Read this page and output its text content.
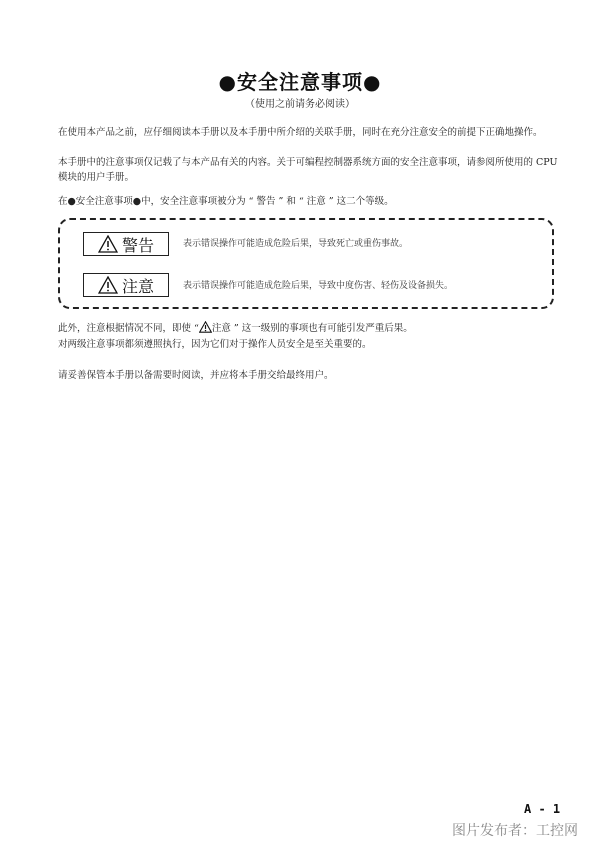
●安全注意事项●
（使用之前请务必阅读）

在使用本产品之前，应仔细阅读本手册以及本手册中所介绍的关联手册，同时在充分注意安全的前提下正确地操作。

本手册中的注意事项仅记载了与本产品有关的内容。关于可编程控制器系统方面的安全注意事项，请参阅所使用的 CPU 模块的用户手册。

在●安全注意事项●中，安全注意事项被分为 “ 警告 ” 和 “ 注意 ” 这二个等级。

警告	表示错误操作可能造成危险后果，导致死亡或重伤事故。
注意	表示错误操作可能造成危险后果，导致中度伤害、轻伤及设备损失。

此外，注意根据情况不同，即使 “ 注意 ” 这一级别的事项也有可能引发严重后果。

对两级注意事项都须遵照执行，因为它们对于操作人员安全是至关重要的。

请妥善保管本手册以备需要时阅读，并应将本手册交给最终用户。

A - 1
图片发布者：工控网
